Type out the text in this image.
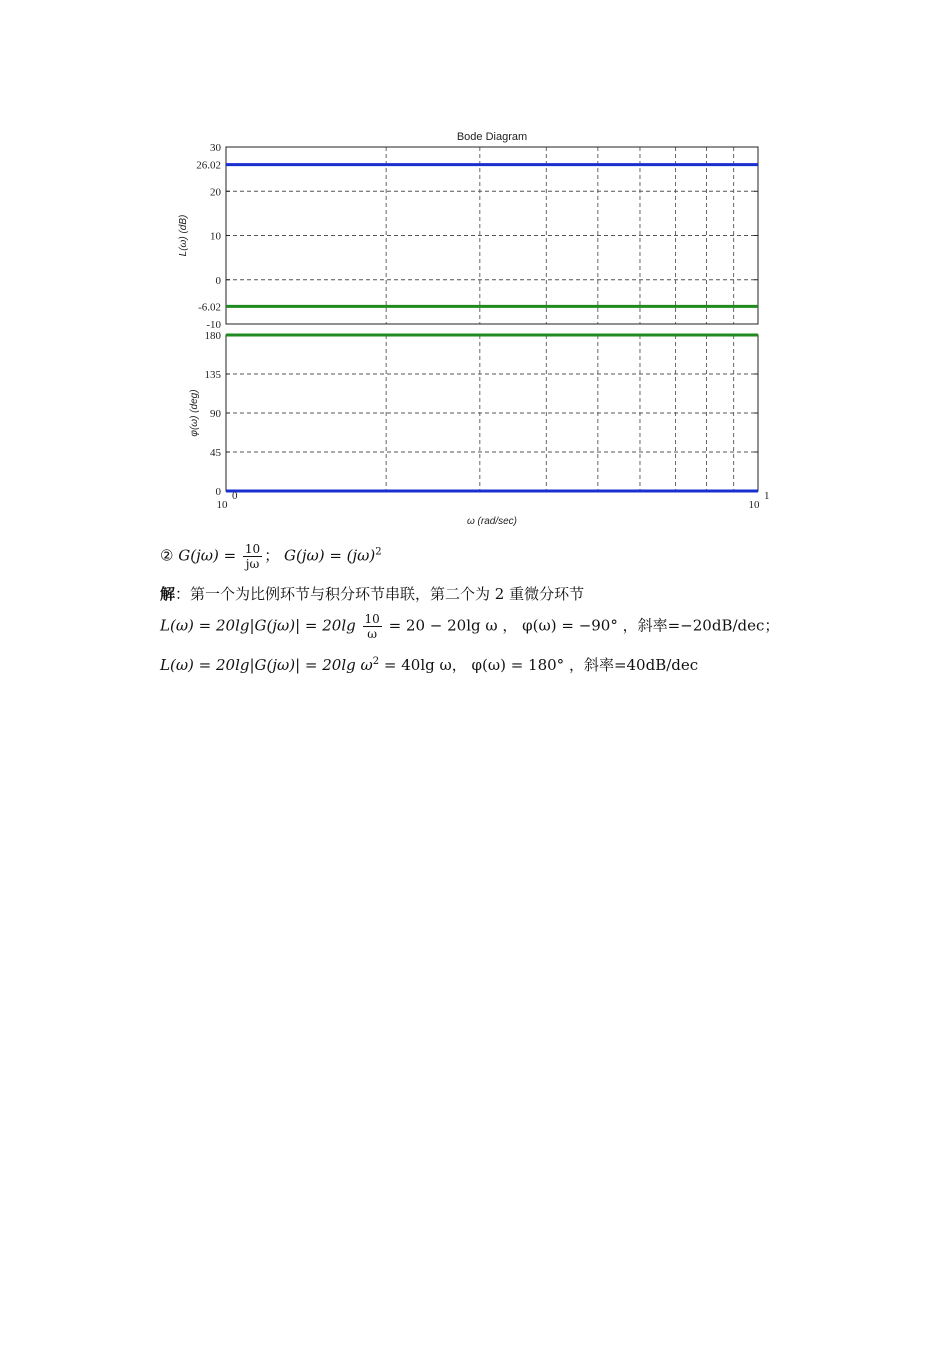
Bode Diagram
30
26.02
20
10
0
-6.02
-10
L(ω) (dB)
180
135
90
45
0
φ(ω) (deg)
10
0
10
1
ω (rad/sec)
② $G(j\omega) = \frac{10}{j\omega}$ ； $G(j\omega) = (j\omega)^2$
解：第一个为比例环节与积分环节串联，第二个为 2 重微分环节
$L(\omega) = 20\lg|G(j\omega)| = 20\lg \frac{10}{\omega} = 20 - 20\lg$ ω ， φ(ω) = −90° ，斜率=−20dB/dec；
L(ω) = 20lg|G(jω)| = 20lg $\omega^2 = 40\lg$ ω， φ(ω) = 180° ，斜率=40dB/dec
